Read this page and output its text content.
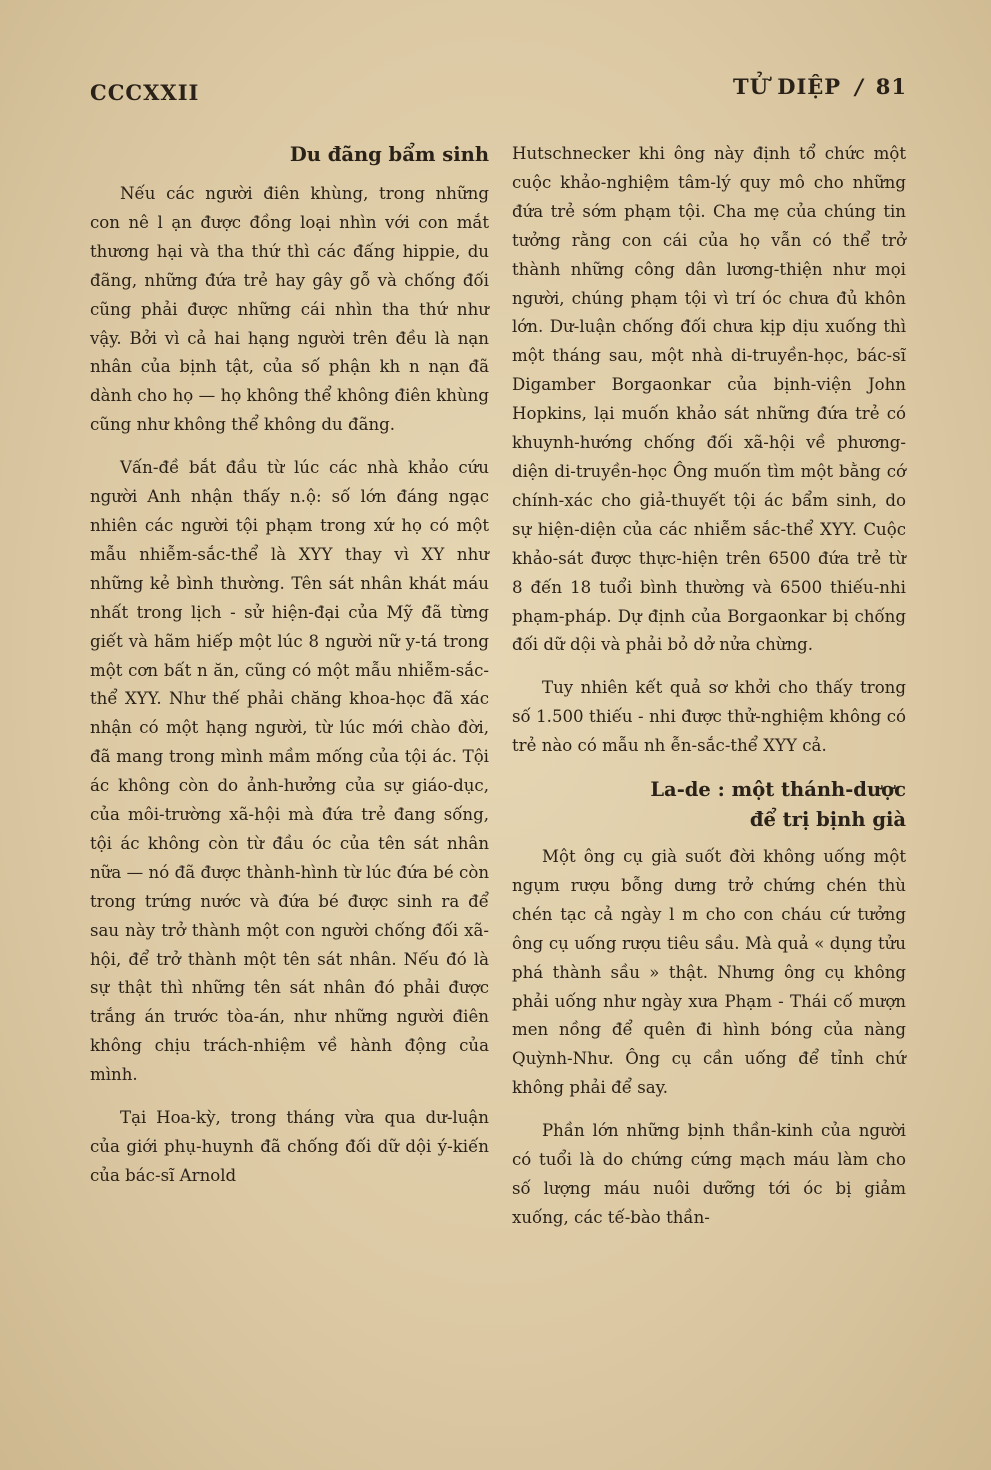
CCCXXII	TỬ DIỆP / 81
Du đãng bẩm sinh

Nếu các người điên khùng, trong những con nê l ạn được đồng loại nhìn với con mắt thương hại và tha thứ thì các đấng hippie, du đãng, những đứa trẻ hay gây gỗ và chống đối cũng phải được những cái nhìn tha thứ như vậy. Bởi vì cả hai hạng người trên đều là nạn nhân của bịnh tật, của số phận kh n nạn đã dành cho họ — họ không thể không điên khùng cũng như không thể không du đãng.

Vấn-đề bắt đầu từ lúc các nhà khảo cứu người Anh nhận thấy n.ộ: số lớn đáng ngạc nhiên các người tội phạm trong xứ họ có một mẫu nhiễm-sắc-thể là XYY thay vì XY như những kẻ bình thường. Tên sát nhân khát máu nhất trong lịch - sử hiện-đại của Mỹ đã từng giết và hãm hiếp một lúc 8 người nữ y-tá trong một cơn bất n ăn, cũng có một mẫu nhiễm-sắc-thể XYY. Như thế phải chăng khoa-học đã xác nhận có một hạng người, từ lúc mới chào đời, đã mang trong mình mầm mống của tội ác. Tội ác không còn do ảnh-hưởng của sự giáo-dục, của môi-trường xã-hội mà đứa trẻ đang sống, tội ác không còn từ đầu óc của tên sát nhân nữa — nó đã được thành-hình từ lúc đứa bé còn trong trứng nước và đứa bé được sinh ra để sau này trở thành một con người chống đối xã-hội, để trở thành một tên sát nhân. Nếu đó là sự thật thì những tên sát nhân đó phải được trắng án trước tòa-án, như những người điên không chịu trách-nhiệm về hành động của mình.

Tại Hoa-kỳ, trong tháng vừa qua dư-luận của giới phụ-huynh đã chống đối dữ dội ý-kiến của bác-sĩ Arnold

Hutschnecker khi ông này định tổ chức một cuộc khảo-nghiệm tâm-lý quy mô cho những đứa trẻ sớm phạm tội. Cha mẹ của chúng tin tưởng rằng con cái của họ vẫn có thể trở thành những công dân lương-thiện như mọi người, chúng phạm tội vì trí óc chưa đủ khôn lớn. Dư-luận chống đối chưa kịp dịu xuống thì một tháng sau, một nhà di-truyền-học, bác-sĩ Digamber Borgaonkar của bịnh-viện John Hopkins, lại muốn khảo sát những đứa trẻ có khuynh-hướng chống đối xã-hội về phương-diện di-truyền-học Ông muốn tìm một bằng cớ chính-xác cho giả-thuyết tội ác bẩm sinh, do sự hiện-diện của các nhiễm sắc-thể XYY. Cuộc khảo-sát được thực-hiện trên 6500 đứa trẻ từ 8 đến 18 tuổi bình thường và 6500 thiếu-nhi phạm-pháp. Dự định của Borgaonkar bị chống đối dữ dội và phải bỏ dở nửa chừng.

Tuy nhiên kết quả sơ khởi cho thấy trong số 1.500 thiếu - nhi được thử-nghiệm không có trẻ nào có mẫu nh ễn-sắc-thể XYY cả.

La-de : một thánh-dược
để trị bịnh già

Một ông cụ già suốt đời không uống một ngụm rượu bỗng dưng trở chứng chén thù chén tạc cả ngày l m cho con cháu cứ tưởng ông cụ uống rượu tiêu sầu. Mà quả « dụng tửu phá thành sầu » thật. Nhưng ông cụ không phải uống như ngày xưa Phạm - Thái cố mượn men nồng để quên đi hình bóng của nàng Quỳnh-Như. Ông cụ cần uống để tỉnh chứ không phải để say.

Phần lớn những bịnh thần-kinh của người có tuổi là do chứng cứng mạch máu làm cho số lượng máu nuôi dưỡng tới óc bị giảm xuống, các tế-bào thần-
